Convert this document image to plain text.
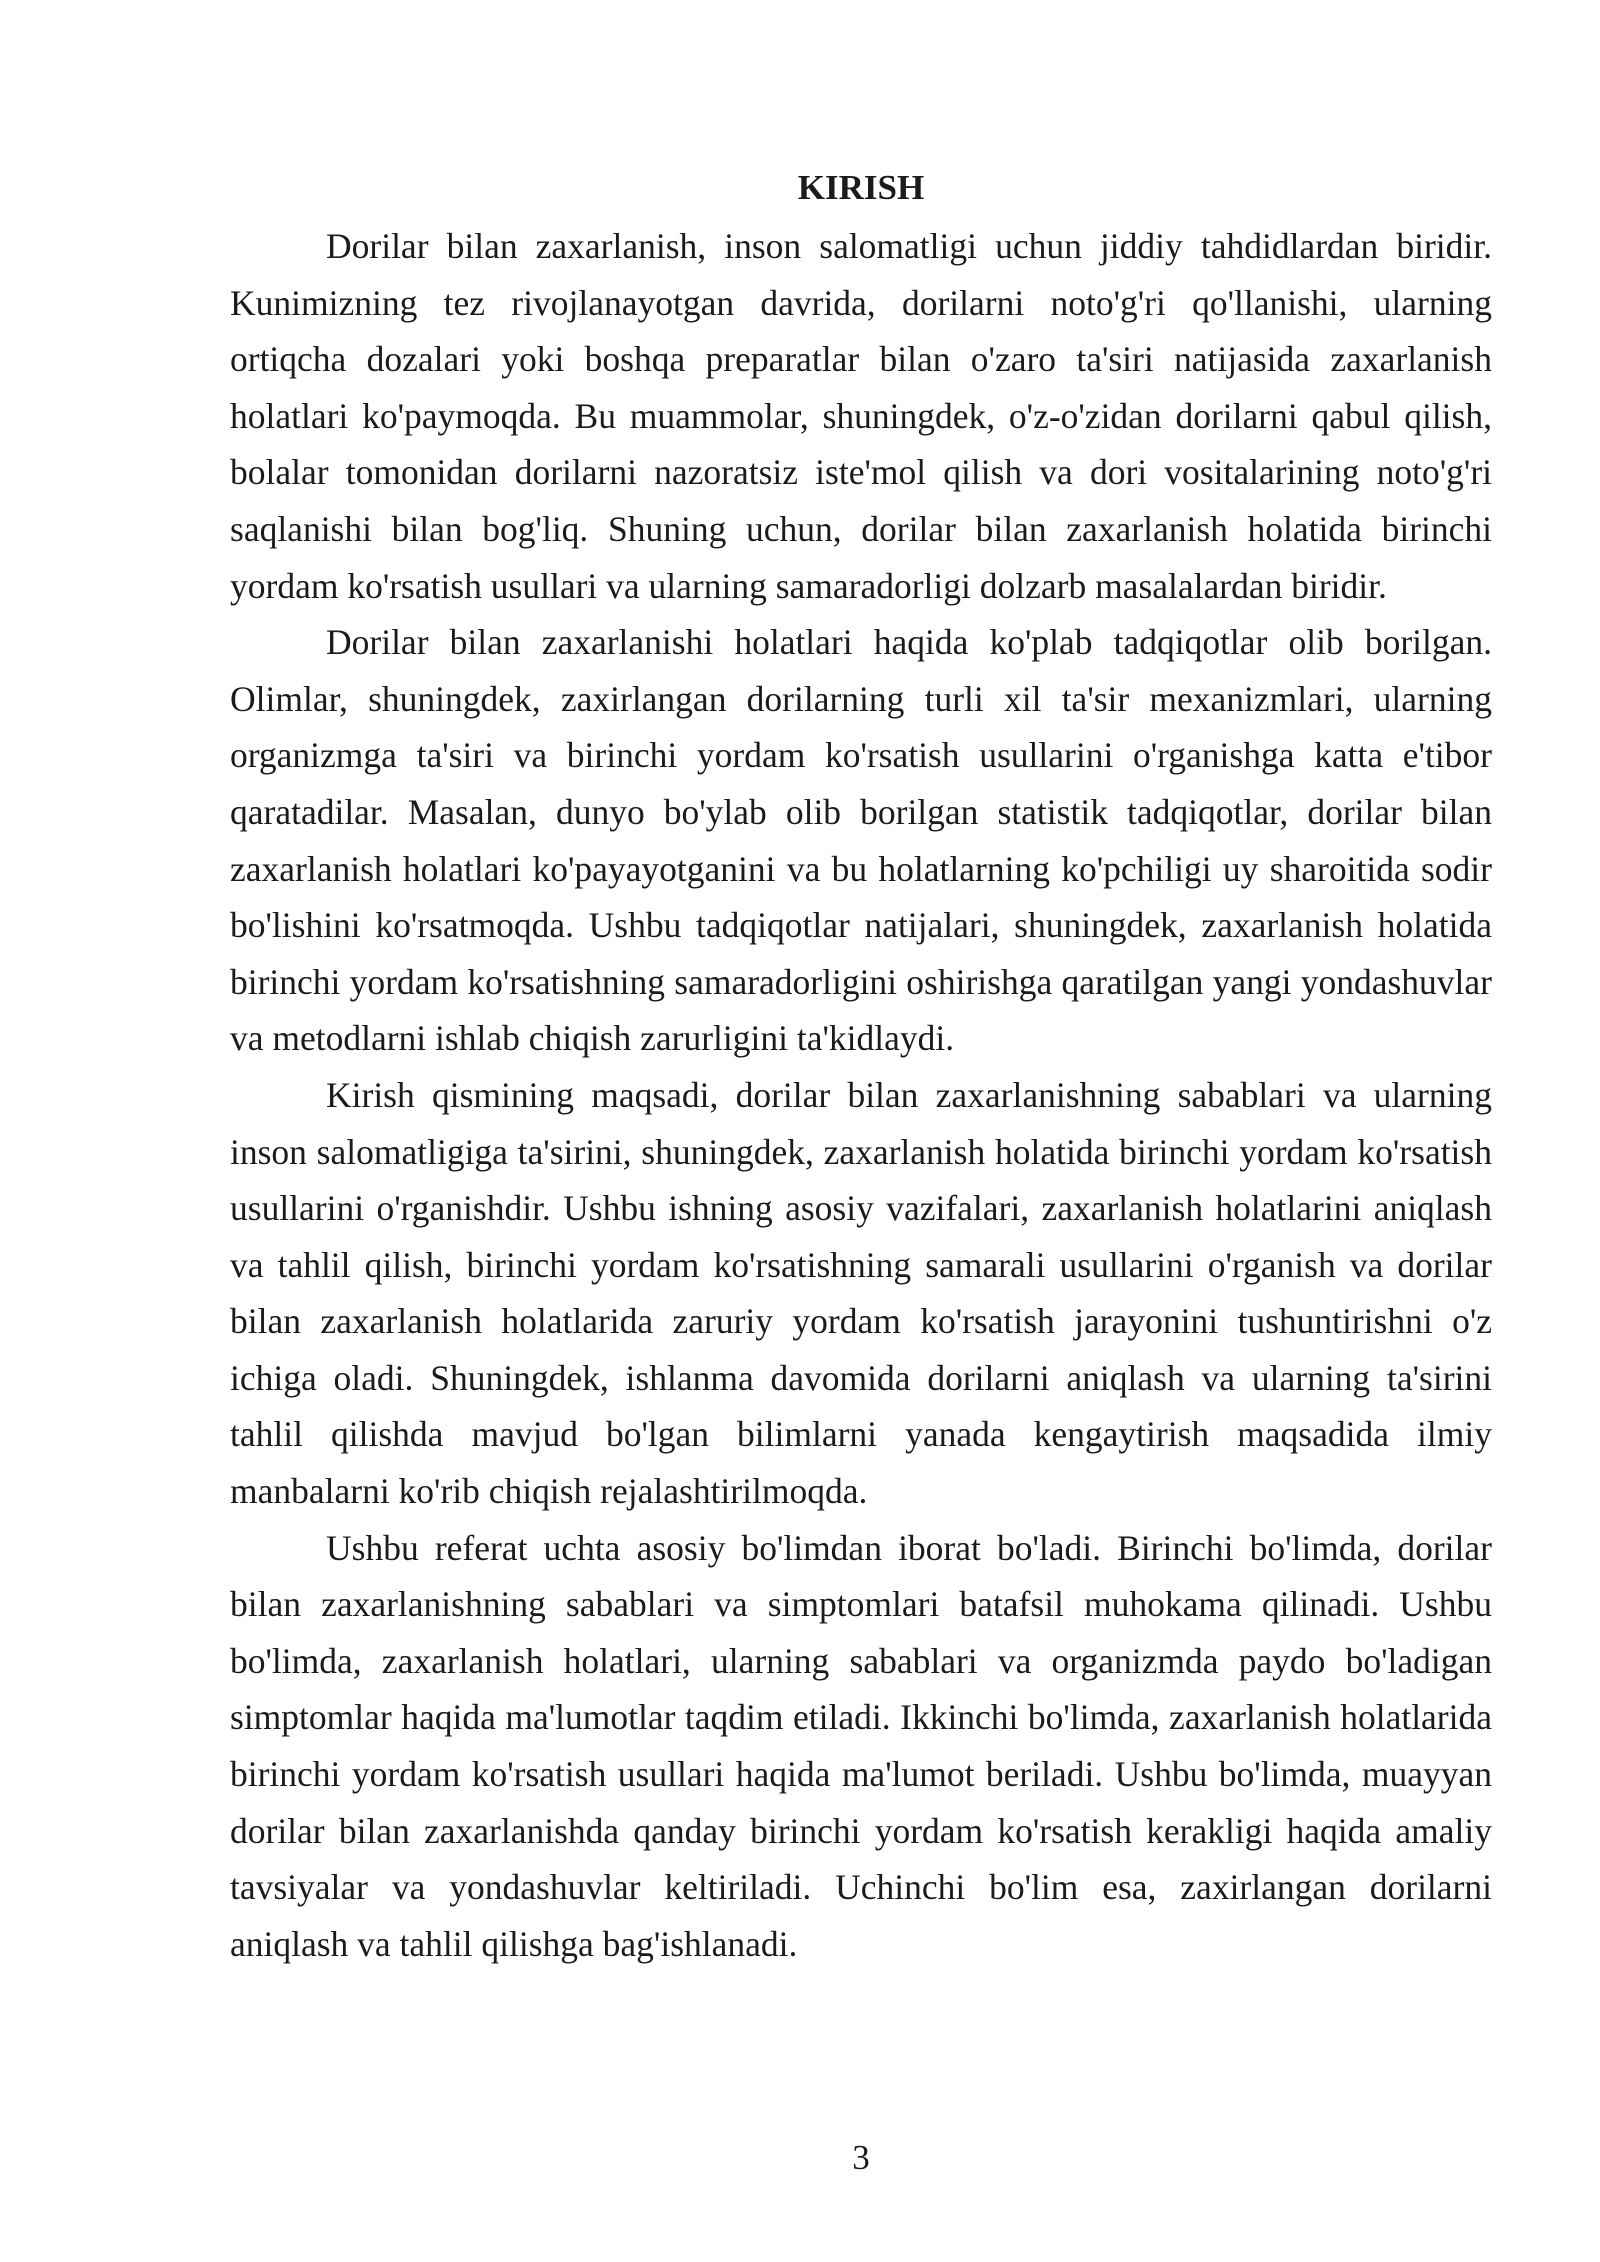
KIRISH

Dorilar bilan zaxarlanish, inson salomatligi uchun jiddiy tahdidlardan biridir. Kunimizning tez rivojlanayotgan davrida, dorilarni noto'g'ri qo'llanishi, ularning ortiqcha dozalari yoki boshqa preparatlar bilan o'zaro ta'siri natijasida zaxarlanish holatlari ko'paymoqda. Bu muammolar, shuningdek, o'z-o'zidan dorilarni qabul qilish, bolalar tomonidan dorilarni nazoratsiz iste'mol qilish va dori vositalarining noto'g'ri saqlanishi bilan bog'liq. Shuning uchun, dorilar bilan zaxarlanish holatida birinchi yordam ko'rsatish usullari va ularning samaradorligi dolzarb masalalardan biridir.

Dorilar bilan zaxarlanishi holatlari haqida ko'plab tadqiqotlar olib borilgan. Olimlar, shuningdek, zaxirlangan dorilarning turli xil ta'sir mexanizmlari, ularning organizmga ta'siri va birinchi yordam ko'rsatish usullarini o'rganishga katta e'tibor qaratadilar. Masalan, dunyo bo'ylab olib borilgan statistik tadqiqotlar, dorilar bilan zaxarlanish holatlari ko'payayotganini va bu holatlarning ko'pchiligi uy sharoitida sodir bo'lishini ko'rsatmoqda. Ushbu tadqiqotlar natijalari, shuningdek, zaxarlanish holatida birinchi yordam ko'rsatishning samaradorligini oshirishga qaratilgan yangi yondashuvlar va metodlarni ishlab chiqish zarurligini ta'kidlaydi.

Kirish qismining maqsadi, dorilar bilan zaxarlanishning sabablari va ularning inson salomatligiga ta'sirini, shuningdek, zaxarlanish holatida birinchi yordam ko'rsatish usullarini o'rganishdir. Ushbu ishning asosiy vazifalari, zaxarlanish holatlarini aniqlash va tahlil qilish, birinchi yordam ko'rsatishning samarali usullarini o'rganish va dorilar bilan zaxarlanish holatlarida zaruriy yordam ko'rsatish jarayonini tushuntirishni o'z ichiga oladi. Shuningdek, ishlanma davomida dorilarni aniqlash va ularning ta'sirini tahlil qilishda mavjud bo'lgan bilimlarni yanada kengaytirish maqsadida ilmiy manbalarni ko'rib chiqish rejalashtirilmoqda.

Ushbu referat uchta asosiy bo'limdan iborat bo'ladi. Birinchi bo'limda, dorilar bilan zaxarlanishning sabablari va simptomlari batafsil muhokama qilinadi. Ushbu bo'limda, zaxarlanish holatlari, ularning sabablari va organizmda paydo bo'ladigan simptomlar haqida ma'lumotlar taqdim etiladi. Ikkinchi bo'limda, zaxarlanish holatlarida birinchi yordam ko'rsatish usullari haqida ma'lumot beriladi. Ushbu bo'limda, muayyan dorilar bilan zaxarlanishda qanday birinchi yordam ko'rsatish kerakligi haqida amaliy tavsiyalar va yondashuvlar keltiriladi. Uchinchi bo'lim esa, zaxirlangan dorilarni aniqlash va tahlil qilishga bag'ishlanadi.

3
